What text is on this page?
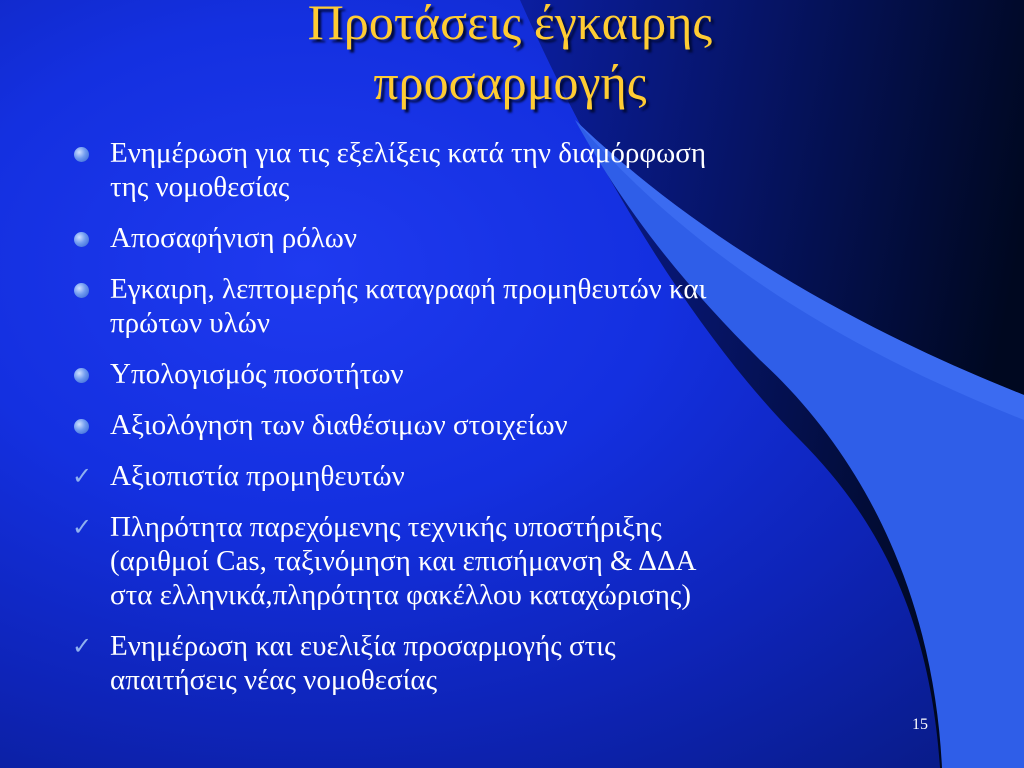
Προτάσεις έγκαιρης
προσαρμογής
Ενημέρωση για τις εξελίξεις κατά την διαμόρφωση
της νομοθεσίας
Αποσαφήνιση ρόλων
Εγκαιρη, λεπτομερής καταγραφή προμηθευτών και
πρώτων υλών
Υπολογισμός ποσοτήτων
Αξιολόγηση των διαθέσιμων στοιχείων
✓ Αξιοπιστία προμηθευτών
✓ Πληρότητα παρεχόμενης τεχνικής υποστήριξης
(αριθμοί Cas, ταξινόμηση και επισήμανση & ΔΔΑ
στα ελληνικά,πληρότητα φακέλλου καταχώρισης)
✓ Ενημέρωση και ευελιξία προσαρμογής στις
απαιτήσεις νέας νομοθεσίας
15
